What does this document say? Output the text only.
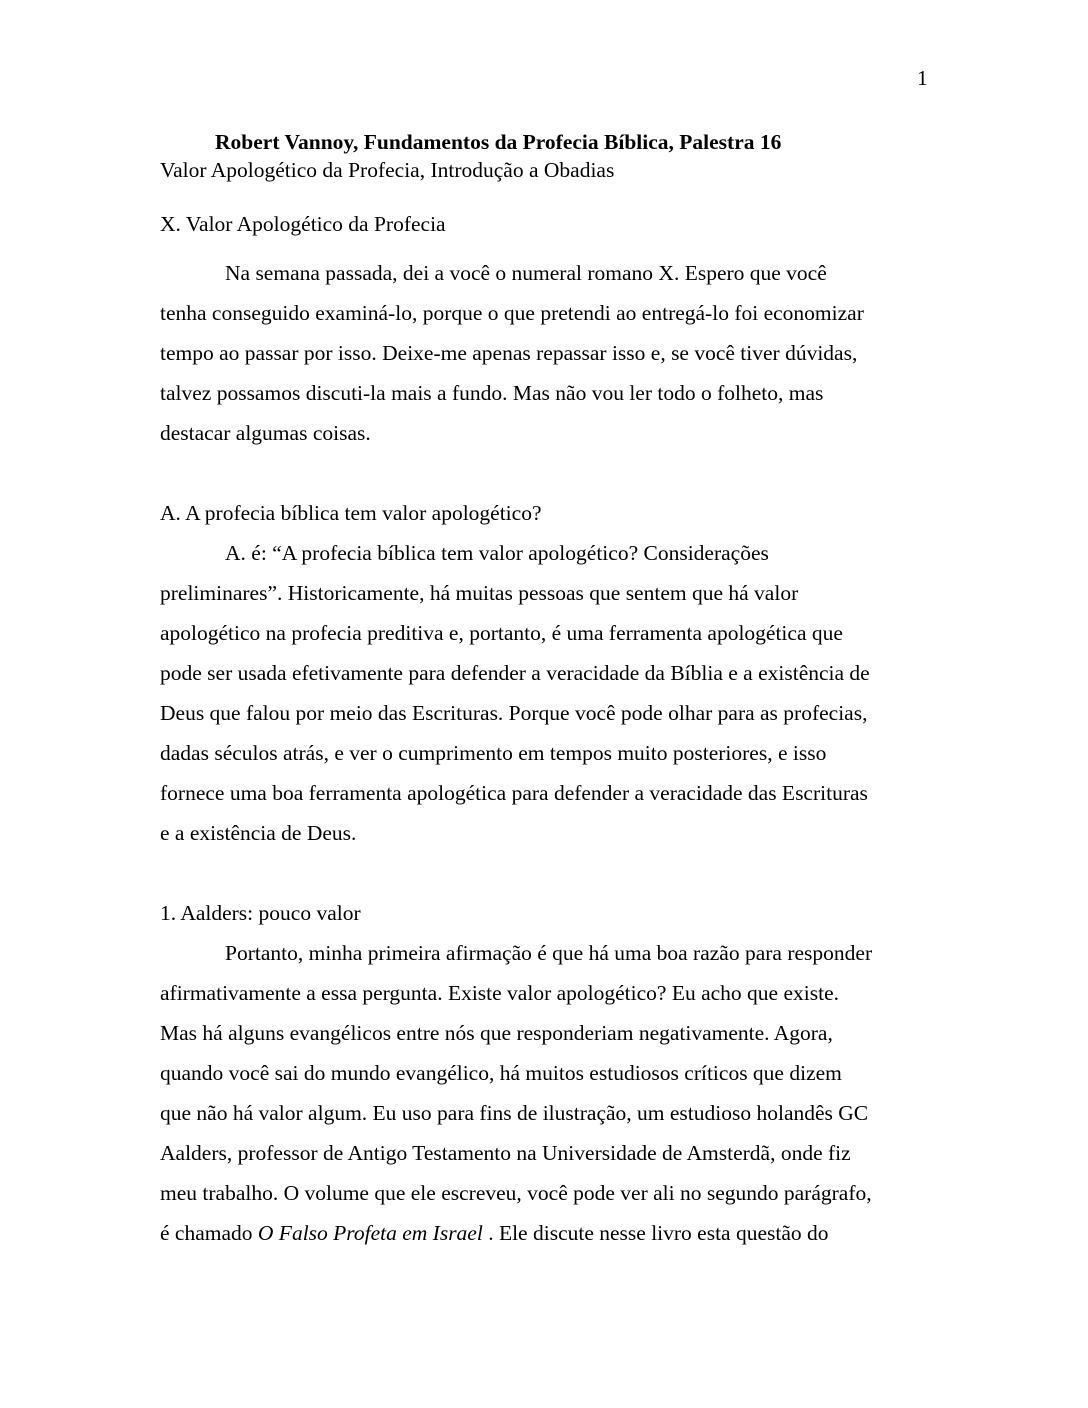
1
Robert Vannoy, Fundamentos da Profecia Bíblica, Palestra 16
Valor Apologético da Profecia, Introdução a Obadias
X. Valor Apologético da Profecia
Na semana passada, dei a você o numeral romano X. Espero que você
tenha conseguido examiná-lo, porque o que pretendi ao entregá-lo foi economizar
tempo ao passar por isso. Deixe-me apenas repassar isso e, se você tiver dúvidas,
talvez possamos discuti-la mais a fundo. Mas não vou ler todo o folheto, mas
destacar algumas coisas.
A. A profecia bíblica tem valor apologético?
A. é: “A profecia bíblica tem valor apologético? Considerações
preliminares”. Historicamente, há muitas pessoas que sentem que há valor
apologético na profecia preditiva e, portanto, é uma ferramenta apologética que
pode ser usada efetivamente para defender a veracidade da Bíblia e a existência de
Deus que falou por meio das Escrituras. Porque você pode olhar para as profecias,
dadas séculos atrás, e ver o cumprimento em tempos muito posteriores, e isso
fornece uma boa ferramenta apologética para defender a veracidade das Escrituras
e a existência de Deus.
1. Aalders: pouco valor
Portanto, minha primeira afirmação é que há uma boa razão para responder
afirmativamente a essa pergunta. Existe valor apologético? Eu acho que existe.
Mas há alguns evangélicos entre nós que responderiam negativamente. Agora,
quando você sai do mundo evangélico, há muitos estudiosos críticos que dizem
que não há valor algum. Eu uso para fins de ilustração, um estudioso holandês GC
Aalders, professor de Antigo Testamento na Universidade de Amsterdã, onde fiz
meu trabalho. O volume que ele escreveu, você pode ver ali no segundo parágrafo,
é chamado O Falso Profeta em Israel . Ele discute nesse livro esta questão do
